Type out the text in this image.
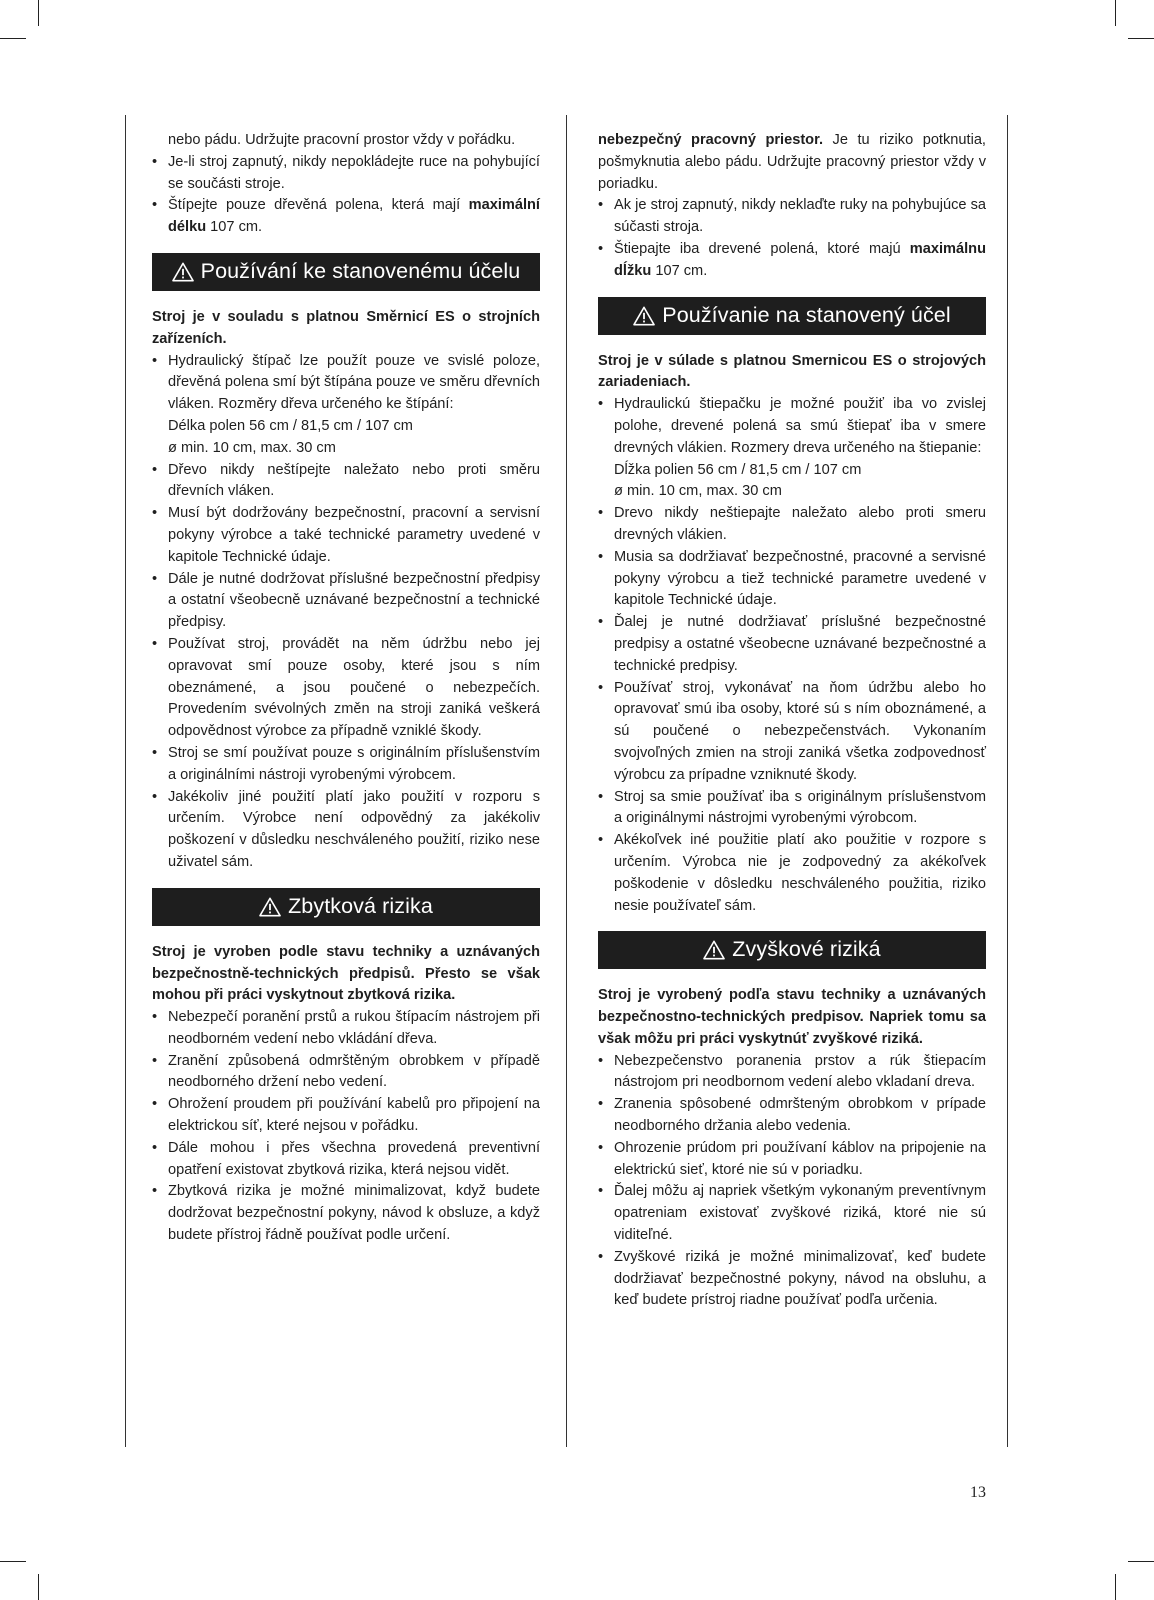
nebo pádu. Udržujte pracovní prostor vždy v pořádku.
• Je-li stroj zapnutý, nikdy nepokládejte ruce na pohybující se součásti stroje.
• Štípejte pouze dřevěná polena, která mají maximální délku 107 cm.
Používání ke stanovenému účelu

Stroj je v souladu s platnou Směrnicí ES o strojních zařízeních.

• Hydraulický štípač lze použít pouze ve svislé poloze, dřevěná polena smí být štípána pouze ve směru dřevních vláken. Rozměry dřeva určeného ke štípání:
Délka polen 56 cm / 81,5 cm / 107 cm
ø min. 10 cm, max. 30 cm
• Dřevo nikdy neštípejte naležato nebo proti směru dřevních vláken.
• Musí být dodržovány bezpečnostní, pracovní a servisní pokyny výrobce a také technické parametry uvedené v kapitole Technické údaje.
• Dále je nutné dodržovat příslušné bezpečnostní předpisy a ostatní všeobecně uznávané bezpečnostní a technické předpisy.
• Používat stroj, provádět na něm údržbu nebo jej opravovat smí pouze osoby, které jsou s ním obeznámené, a jsou poučené o nebezpečích. Provedením svévolných změn na stroji zaniká veškerá odpovědnost výrobce za případně vzniklé škody.
• Stroj se smí používat pouze s originálním příslušenstvím a originálními nástroji vyrobenými výrobcem.
• Jakékoliv jiné použití platí jako použití v rozporu s určením. Výrobce není odpovědný za jakékoliv poškození v důsledku neschváleného použití, riziko nese uživatel sám.
Zbytková rizika

Stroj je vyroben podle stavu techniky a uznávaných bezpečnostně-technických předpisů. Přesto se však mohou při práci vyskytnout zbytková rizika.

• Nebezpečí poranění prstů a rukou štípacím nástrojem při neodborném vedení nebo vkládání dřeva.
• Zranění způsobená odmrštěným obrobkem v případě neodborného držení nebo vedení.
• Ohrožení proudem při používání kabelů pro připojení na elektrickou síť, které nejsou v pořádku.
• Dále mohou i přes všechna provedená preventivní opatření existovat zbytková rizika, která nejsou vidět.
• Zbytková rizika je možné minimalizovat, když budete dodržovat bezpečnostní pokyny, návod k obsluze, a když budete přístroj řádně používat podle určení.
nebezpečný pracovný priestor. Je tu riziko potknutia, pošmyknutia alebo pádu. Udržujte pracovný priestor vždy v poriadku.
• Ak je stroj zapnutý, nikdy neklaďte ruky na pohybujúce sa súčasti stroja.
• Štiepajte iba drevené polená, ktoré majú maximálnu dĺžku 107 cm.
Používanie na stanovený účel

Stroj je v súlade s platnou Smernicou ES o strojových zariadeniach.

• Hydraulickú štiepačku je možné použiť iba vo zvislej polohe, drevené polená sa smú štiepať iba v smere drevných vlákien. Rozmery dreva určeného na štiepanie:
Dĺžka polien 56 cm / 81,5 cm / 107 cm
ø min. 10 cm, max. 30 cm
• Drevo nikdy neštiepajte naležato alebo proti smeru drevných vlákien.
• Musia sa dodržiavať bezpečnostné, pracovné a servisné pokyny výrobcu a tiež technické parametre uvedené v kapitole Technické údaje.
• Ďalej je nutné dodržiavať príslušné bezpečnostné predpisy a ostatné všeobecne uznávané bezpečnostné a technické predpisy.
• Používať stroj, vykonávať na ňom údržbu alebo ho opravovať smú iba osoby, ktoré sú s ním oboznámené, a sú poučené o nebezpečenstvách. Vykonaním svojvoľných zmien na stroji zaniká všetka zodpovednosť výrobcu za prípadne vzniknuté škody.
• Stroj sa smie používať iba s originálnym príslušenstvom a originálnymi nástrojmi vyrobenými výrobcom.
• Akékoľvek iné použitie platí ako použitie v rozpore s určením. Výrobca nie je zodpovedný za akékoľvek poškodenie v dôsledku neschváleného použitia, riziko nesie používateľ sám.
Zvyškové riziká

Stroj je vyrobený podľa stavu techniky a uznávaných bezpečnostno-technických predpisov. Napriek tomu sa však môžu pri práci vyskytnúť zvyškové riziká.

• Nebezpečenstvo poranenia prstov a rúk štiepacím nástrojom pri neodbornom vedení alebo vkladaní dreva.
• Zranenia spôsobené odmršteným obrobkom v prípade neodborného držania alebo vedenia.
• Ohrozenie prúdom pri používaní káblov na pripojenie na elektrickú sieť, ktoré nie sú v poriadku.
• Ďalej môžu aj napriek všetkým vykonaným preventívnym opatreniam existovať zvyškové riziká, ktoré nie sú viditeľné.
• Zvyškové riziká je možné minimalizovať, keď budete dodržiavať bezpečnostné pokyny, návod na obsluhu, a keď budete prístroj riadne používať podľa určenia.
13
